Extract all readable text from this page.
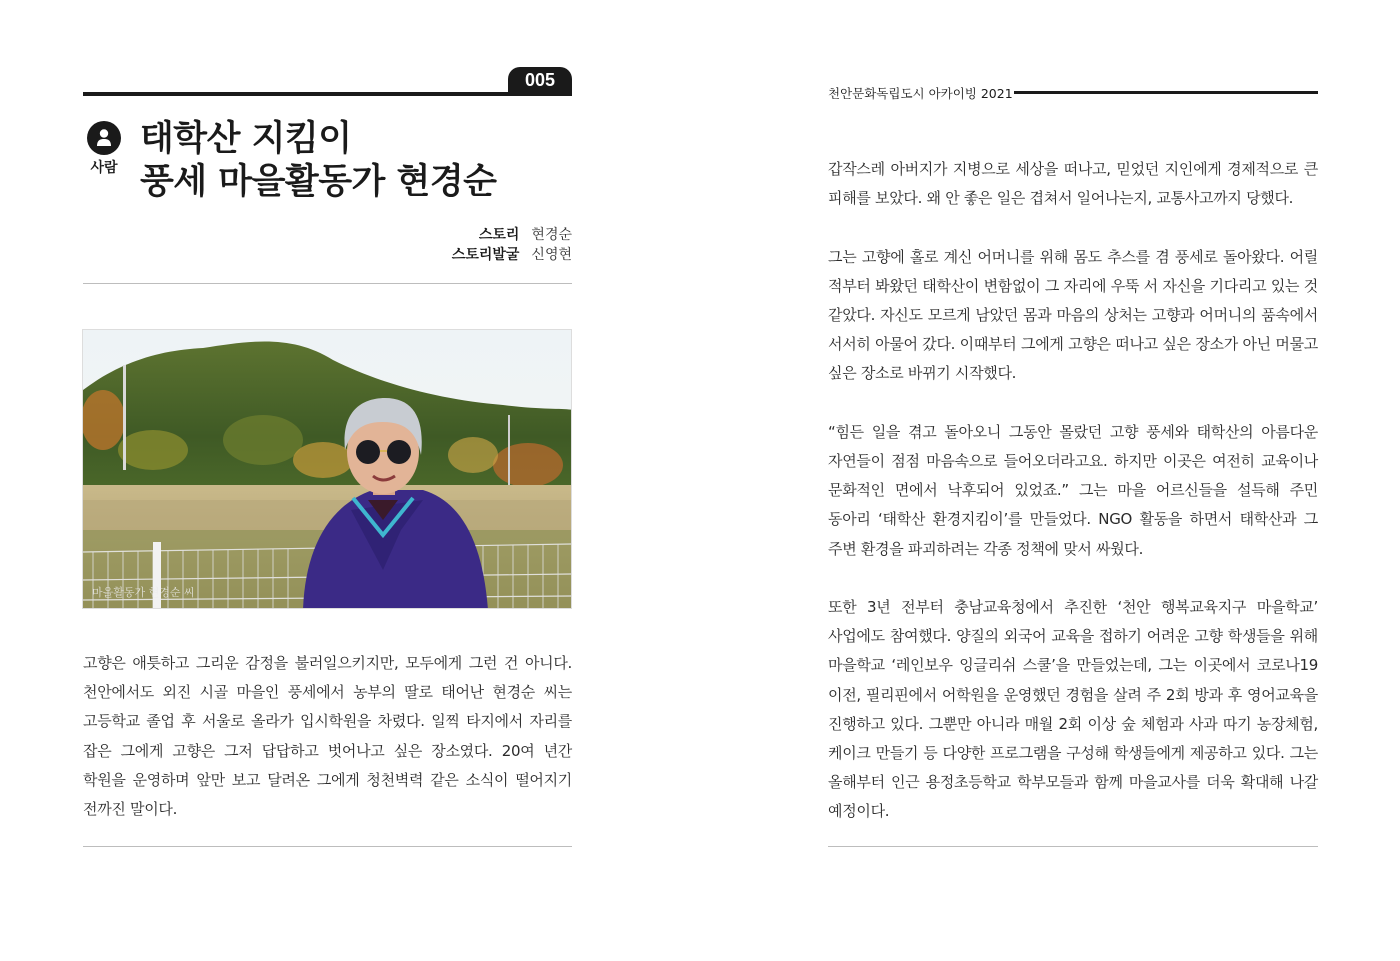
005
사람
태학산 지킴이
풍세 마을활동가 현경순
스토리 현경순
스토리발굴 신영현
마을활동가 현경순 씨
고향은 애틋하고 그리운 감정을 불러일으키지만, 모두에게 그런 건 아니다. 천안에서도 외진 시골 마을인 풍세에서 농부의 딸로 태어난 현경순 씨는 고등학교 졸업 후 서울로 올라가 입시학원을 차렸다. 일찍 타지에서 자리를 잡은 그에게 고향은 그저 답답하고 벗어나고 싶은 장소였다. 20여 년간 학원을 운영하며 앞만 보고 달려온 그에게 청천벽력 같은 소식이 떨어지기 전까진 말이다.
천안문화독립도시 아카이빙 2021

갑작스레 아버지가 지병으로 세상을 떠나고, 믿었던 지인에게 경제적으로 큰 피해를 보았다. 왜 안 좋은 일은 겹쳐서 일어나는지, 교통사고까지 당했다.

그는 고향에 홀로 계신 어머니를 위해 몸도 추스를 겸 풍세로 돌아왔다. 어릴 적부터 봐왔던 태학산이 변함없이 그 자리에 우뚝 서 자신을 기다리고 있는 것 같았다. 자신도 모르게 남았던 몸과 마음의 상처는 고향과 어머니의 품속에서 서서히 아물어 갔다. 이때부터 그에게 고향은 떠나고 싶은 장소가 아닌 머물고 싶은 장소로 바뀌기 시작했다.

“힘든 일을 겪고 돌아오니 그동안 몰랐던 고향 풍세와 태학산의 아름다운 자연들이 점점 마음속으로 들어오더라고요. 하지만 이곳은 여전히 교육이나 문화적인 면에서 낙후되어 있었죠.” 그는 마을 어르신들을 설득해 주민 동아리 ‘태학산 환경지킴이’를 만들었다. NGO 활동을 하면서 태학산과 그 주변 환경을 파괴하려는 각종 정책에 맞서 싸웠다.

또한 3년 전부터 충남교육청에서 추진한 ‘천안 행복교육지구 마을학교’ 사업에도 참여했다. 양질의 외국어 교육을 접하기 어려운 고향 학생들을 위해 마을학교 ‘레인보우 잉글리쉬 스쿨’을 만들었는데, 그는 이곳에서 코로나19 이전, 필리핀에서 어학원을 운영했던 경험을 살려 주 2회 방과 후 영어교육을 진행하고 있다. 그뿐만 아니라 매월 2회 이상 숲 체험과 사과 따기 농장체험, 케이크 만들기 등 다양한 프로그램을 구성해 학생들에게 제공하고 있다. 그는 올해부터 인근 용정초등학교 학부모들과 함께 마을교사를 더욱 확대해 나갈 예정이다.
